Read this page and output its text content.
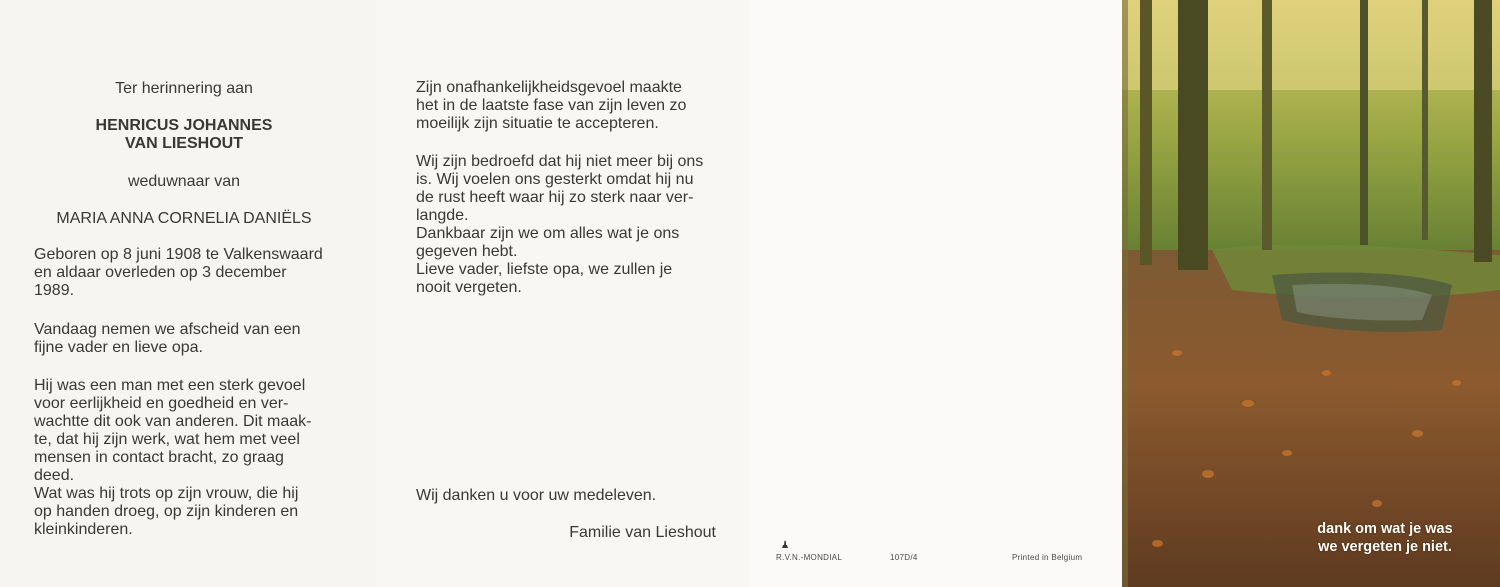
Ter herinnering aan
HENRICUS JOHANNES
VAN LIESHOUT
weduwnaar van
MARIA ANNA CORNELIA DANIËLS
Geboren op 8 juni 1908 te Valkenswaard
en aldaar overleden op 3 december
1989.
Vandaag nemen we afscheid van een
fijne vader en lieve opa.
Hij was een man met een sterk gevoel
voor eerlijkheid en goedheid en ver-
wachtte dit ook van anderen. Dit maak-
te, dat hij zijn werk, wat hem met veel
mensen in contact bracht, zo graag
deed.
Wat was hij trots op zijn vrouw, die hij
op handen droeg, op zijn kinderen en
kleinkinderen.
Zijn onafhankelijkheidsgevoel maakte
het in de laatste fase van zijn leven zo
moeilijk zijn situatie te accepteren.
Wij zijn bedroefd dat hij niet meer bij ons
is. Wij voelen ons gesterkt omdat hij nu
de rust heeft waar hij zo sterk naar ver-
langde.
Dankbaar zijn we om alles wat je ons
gegeven hebt.
Lieve vader, liefste opa, we zullen je
nooit vergeten.
Wij danken u voor uw medeleven.
Familie van Lieshout
R.V.N.-MONDIAL	107D/4	Printed in Belgium
dank om wat je was
we vergeten je niet.
